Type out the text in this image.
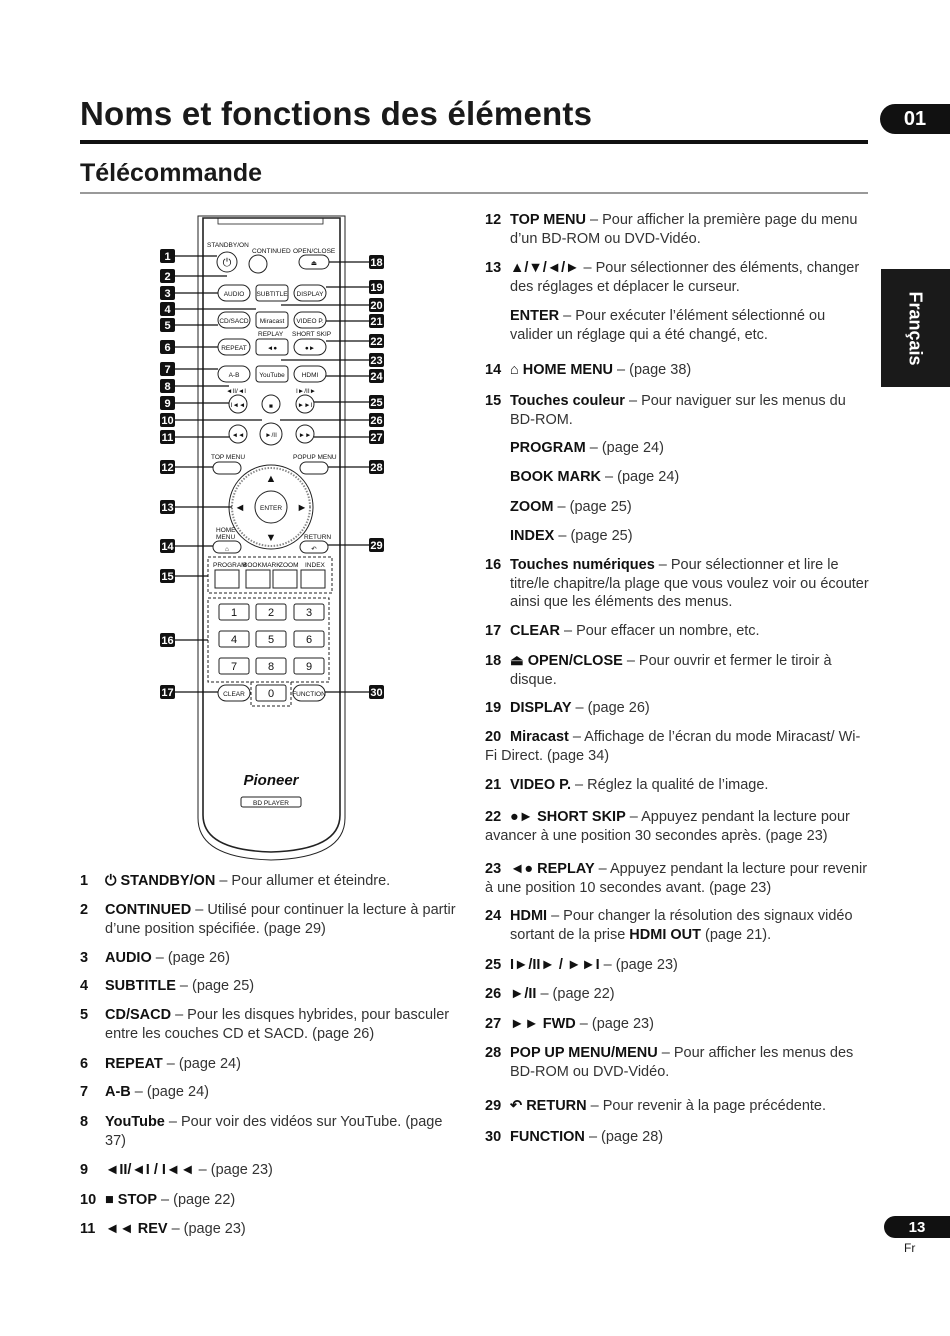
Noms et fonctions des éléments	01
Télécommande
Français
STANDBY/ON
CONTINUED OPEN/CLOSE
⏻	⏏
AUDIO SUBTITLE DISPLAY
CD/SACD Miracast VIDEO P.
REPLAY SHORT SKIP
REPEAT	◄●	●►
A-B	YouTube	HDMI
◄II/◄I	I►/II►
I◄◄	■	►►I
◄◄	►/II	►►
TOP MENU	POPUP MENU
ENTER
▲
▼
◄	►
HOME
MENU	RETURN
⌂	↶
PROGRAM
BOOKMARK
ZOOM INDEX
1	2	3
4	5	6
7	8	9
0
CLEAR	FUNCTION
Pioneer
BD PLAYER
1
2
3
4
5
6
7
8
9
10
11
12
13
14
15
16
17
18
19
20
21
22
23
24
25
26
27
28
29
30
1 ⏻ STANDBY/ON – Pour allumer et éteindre.
2 CONTINUED – Utilisé pour continuer la lecture à partir d’une position spécifiée. (page 29)
3 AUDIO – (page 26)
4 SUBTITLE – (page 25)
5 CD/SACD – Pour les disques hybrides, pour basculer entre les couches CD et SACD. (page 26)
6 REPEAT – (page 24)
7 A-B – (page 24)
8 YouTube – Pour voir des vidéos sur YouTube. (page 37)
9 ◄II/◄I / I◄◄ – (page 23)
10 ■ STOP – (page 22)
11 ◄◄ REV – (page 23)
12 TOP MENU – Pour afficher la première page du menu d’un BD-ROM ou DVD-Vidéo.
13 ▲/▼/◄/► – Pour sélectionner des éléments, changer des réglages et déplacer le curseur.
ENTER – Pour exécuter l’élément sélectionné ou valider un réglage qui a été changé, etc.
14 ⌂ HOME MENU – (page 38)
15 Touches couleur – Pour naviguer sur les menus du BD-ROM.
PROGRAM – (page 24)
BOOK MARK – (page 24)
ZOOM – (page 25)
INDEX – (page 25)
16 Touches numériques – Pour sélectionner et lire le titre/le chapitre/la plage que vous voulez voir ou écouter ainsi que les éléments des menus.
17 CLEAR – Pour effacer un nombre, etc.
18 ⏏ OPEN/CLOSE – Pour ouvrir et fermer le tiroir à disque.
19 DISPLAY – (page 26)
20 Miracast – Affichage de l’écran du mode Miracast/ Wi-Fi Direct. (page 34)
21 VIDEO P. – Réglez la qualité de l’image.
22 ●► SHORT SKIP – Appuyez pendant la lecture pour avancer à une position 30 secondes après. (page 23)
23 ◄● REPLAY – Appuyez pendant la lecture pour revenir à une position 10 secondes avant. (page 23)
24 HDMI – Pour changer la résolution des signaux vidéo sortant de la prise HDMI OUT (page 21).
25 I►/II► / ►►I – (page 23)
26 ►/II – (page 22)
27 ►► FWD – (page 23)
28 POP UP MENU/MENU – Pour afficher les menus des BD-ROM ou DVD-Vidéo.
29 ↶ RETURN – Pour revenir à la page précédente.
30 FUNCTION – (page 28)
13
Fr
